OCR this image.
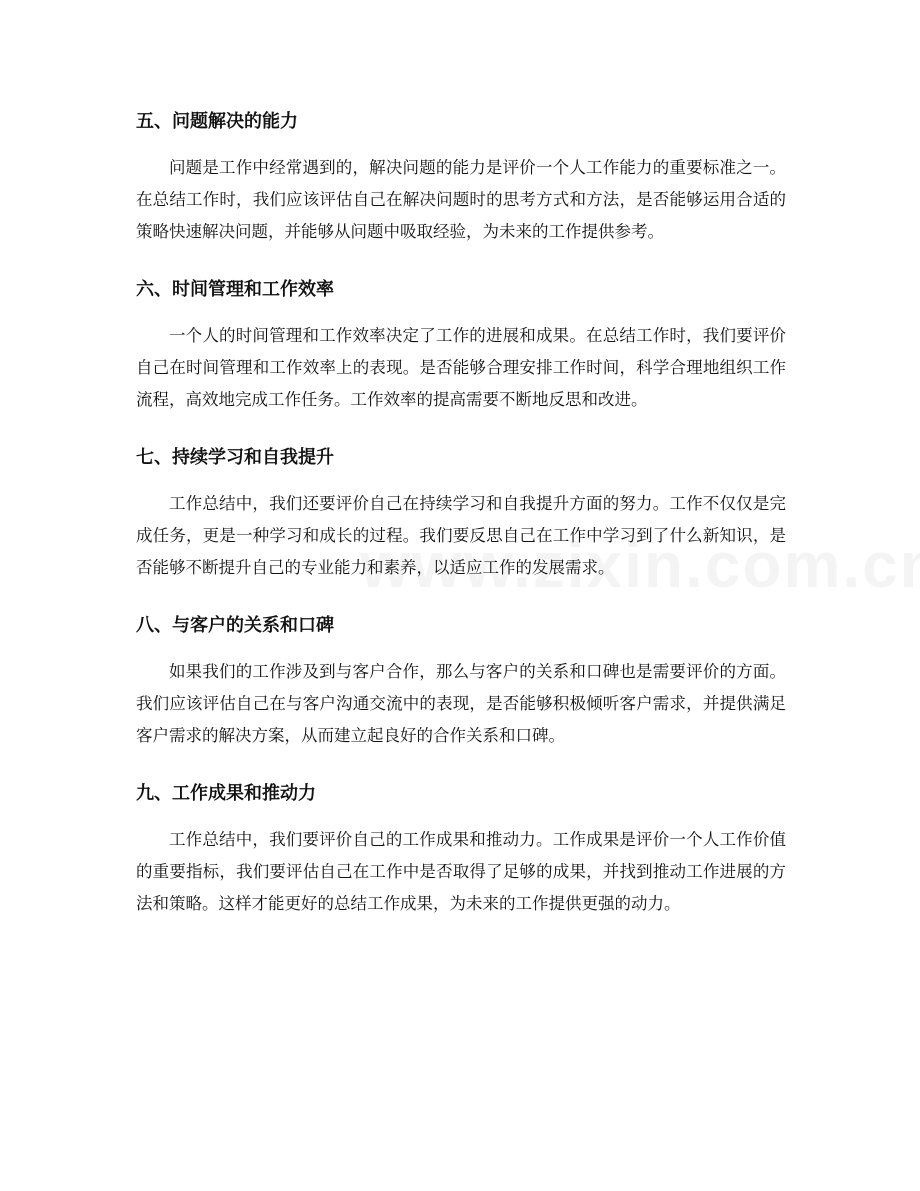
五、问题解决的能力
问题是工作中经常遇到的，解决问题的能力是评价一个人工作能力的重要标准之一。在总结工作时，我们应该评估自己在解决问题时的思考方式和方法，是否能够运用合适的策略快速解决问题，并能够从问题中吸取经验，为未来的工作提供参考。
六、时间管理和工作效率
一个人的时间管理和工作效率决定了工作的进展和成果。在总结工作时，我们要评价自己在时间管理和工作效率上的表现。是否能够合理安排工作时间，科学合理地组织工作流程，高效地完成工作任务。工作效率的提高需要不断地反思和改进。
七、持续学习和自我提升
工作总结中，我们还要评价自己在持续学习和自我提升方面的努力。工作不仅仅是完成任务，更是一种学习和成长的过程。我们要反思自己在工作中学习到了什么新知识，是否能够不断提升自己的专业能力和素养，以适应工作的发展需求。
八、与客户的关系和口碑
如果我们的工作涉及到与客户合作，那么与客户的关系和口碑也是需要评价的方面。我们应该评估自己在与客户沟通交流中的表现，是否能够积极倾听客户需求，并提供满足客户需求的解决方案，从而建立起良好的合作关系和口碑。
九、工作成果和推动力
工作总结中，我们要评价自己的工作成果和推动力。工作成果是评价一个人工作价值的重要指标，我们要评估自己在工作中是否取得了足够的成果，并找到推动工作进展的方法和策略。这样才能更好的总结工作成果，为未来的工作提供更强的动力。
